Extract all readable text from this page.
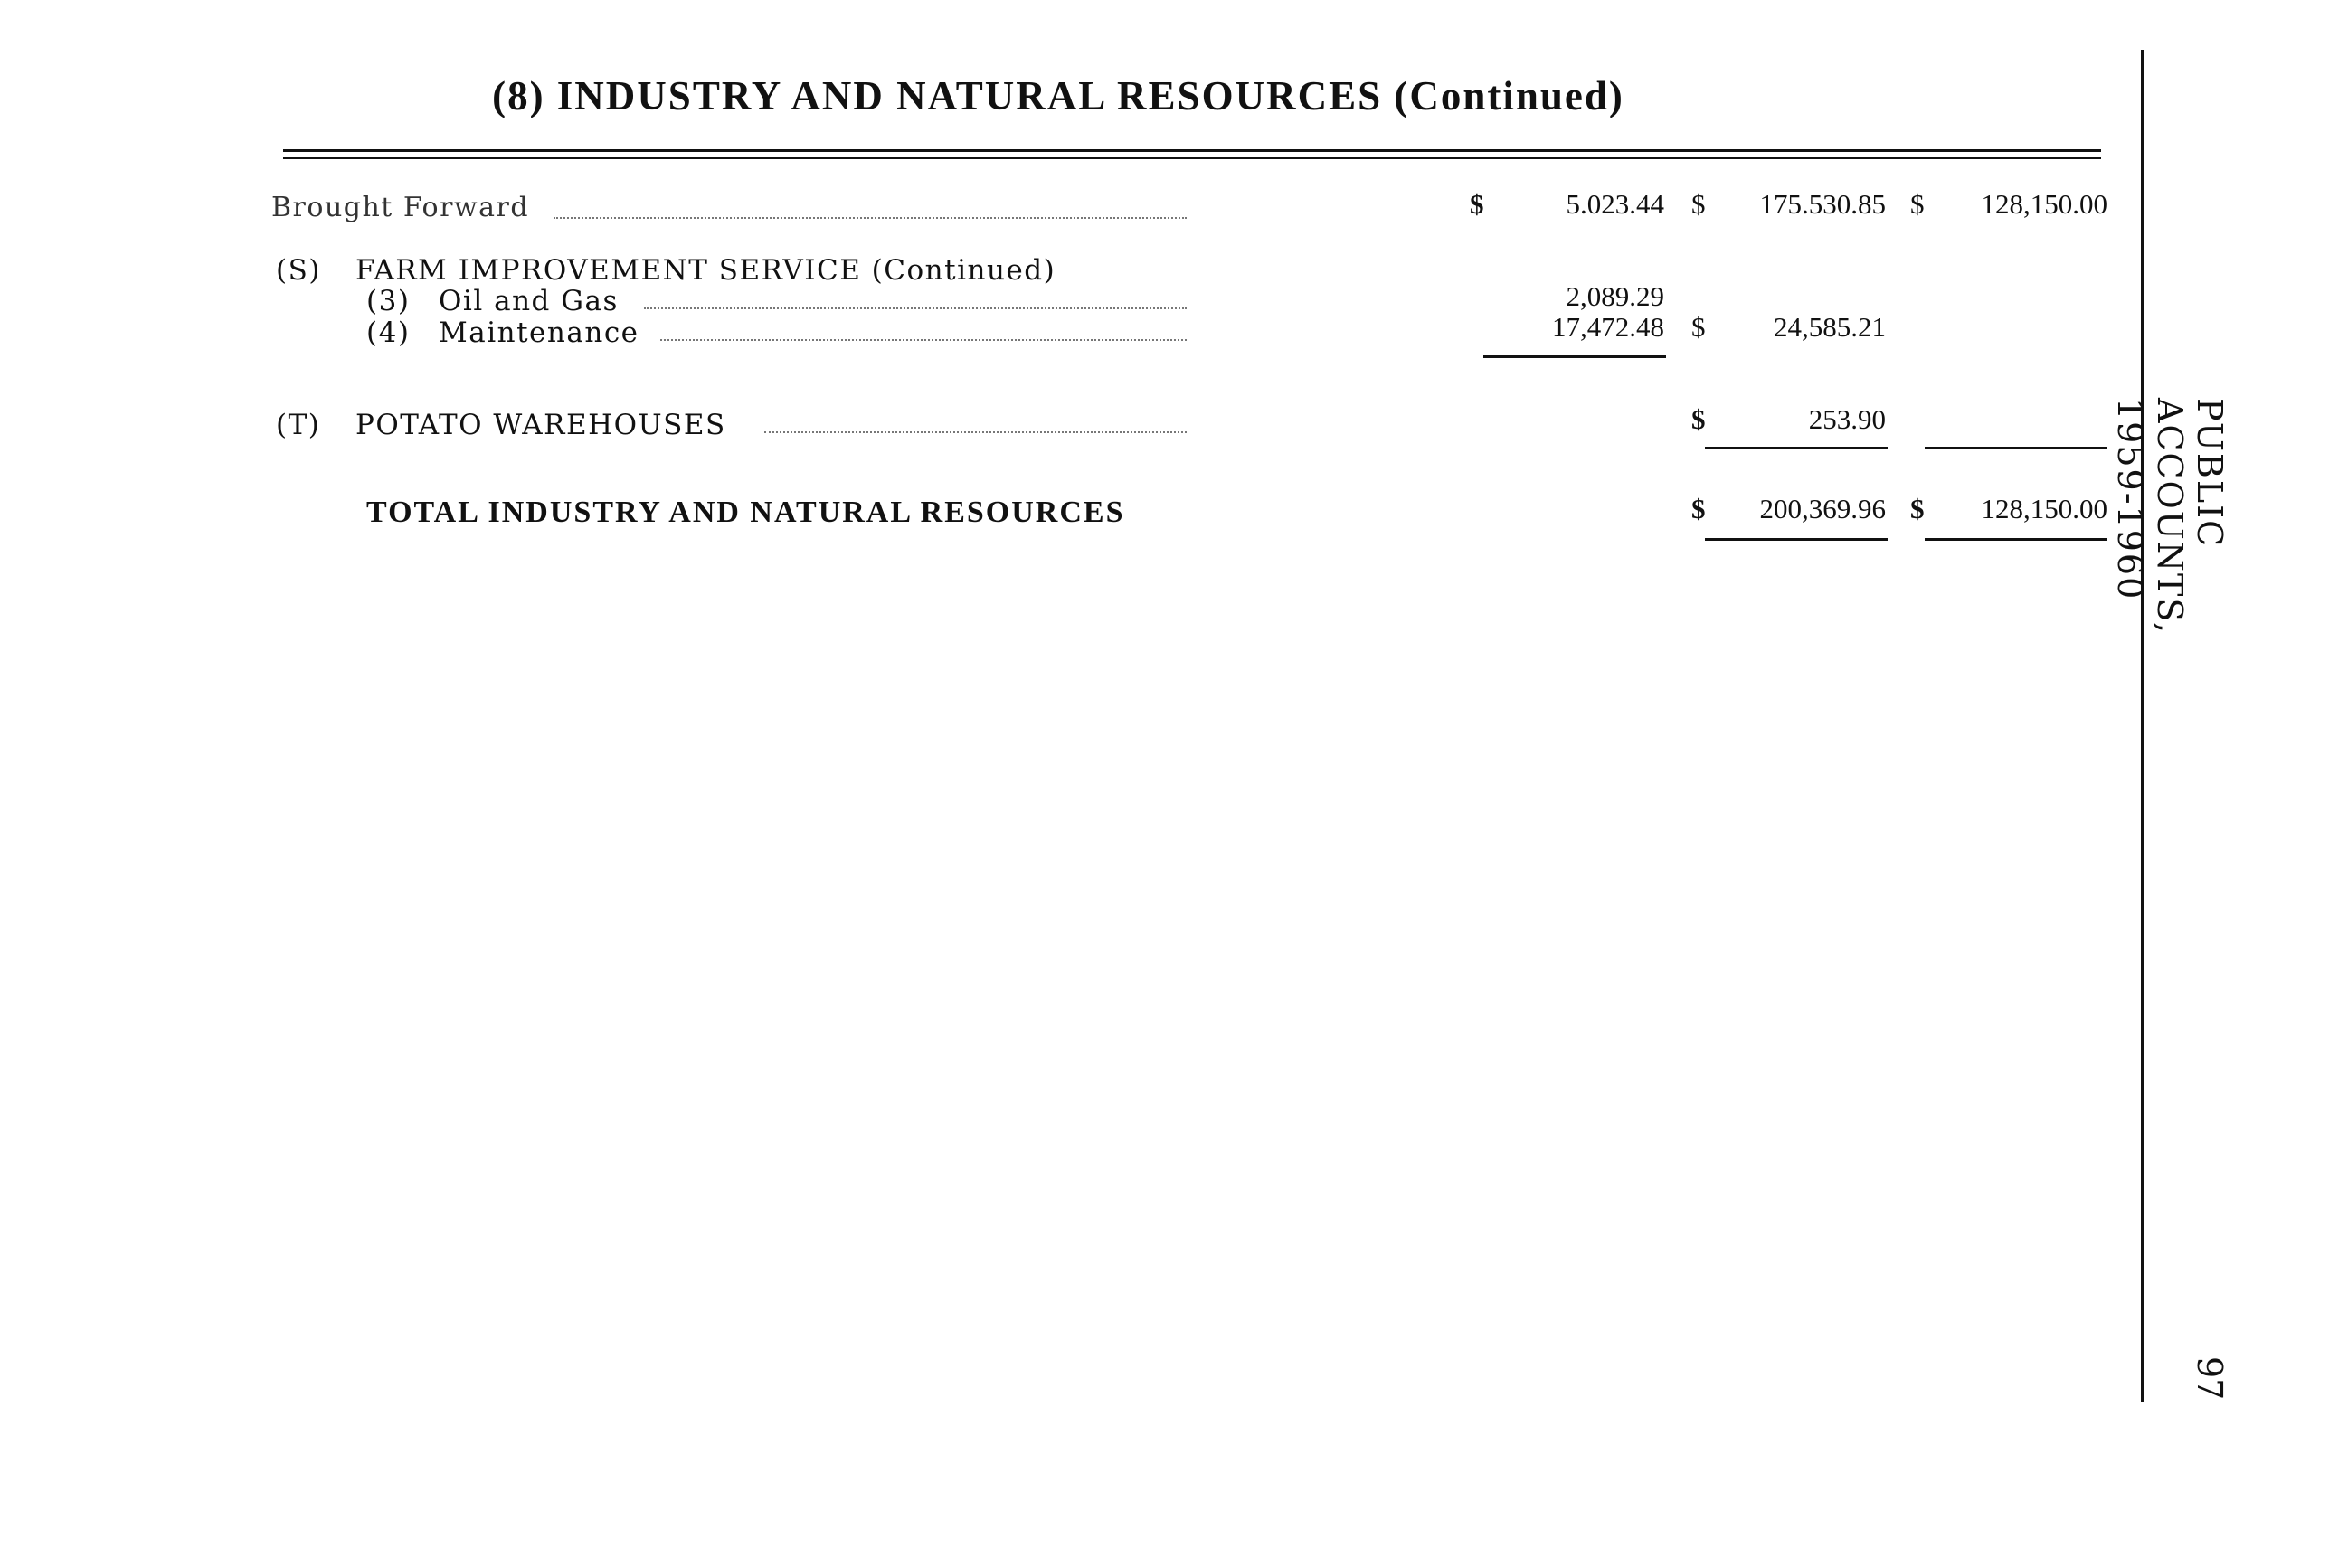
(8) INDUSTRY AND NATURAL RESOURCES (Continued)
Brought Forward	$	5.023.44 $	175.530.85 $	128,150.00
(S) FARM IMPROVEMENT SERVICE (Continued)
(3) Oil and Gas	2,089.29
(4) Maintenance	17,472.48 $	24,585.21
(T) POTATO WAREHOUSES	$	253.90
TOTAL INDUSTRY AND NATURAL RESOURCES	$	200,369.96 $	128,150.00	PUBLIC ACCOUNTS, 1959-1960
97
